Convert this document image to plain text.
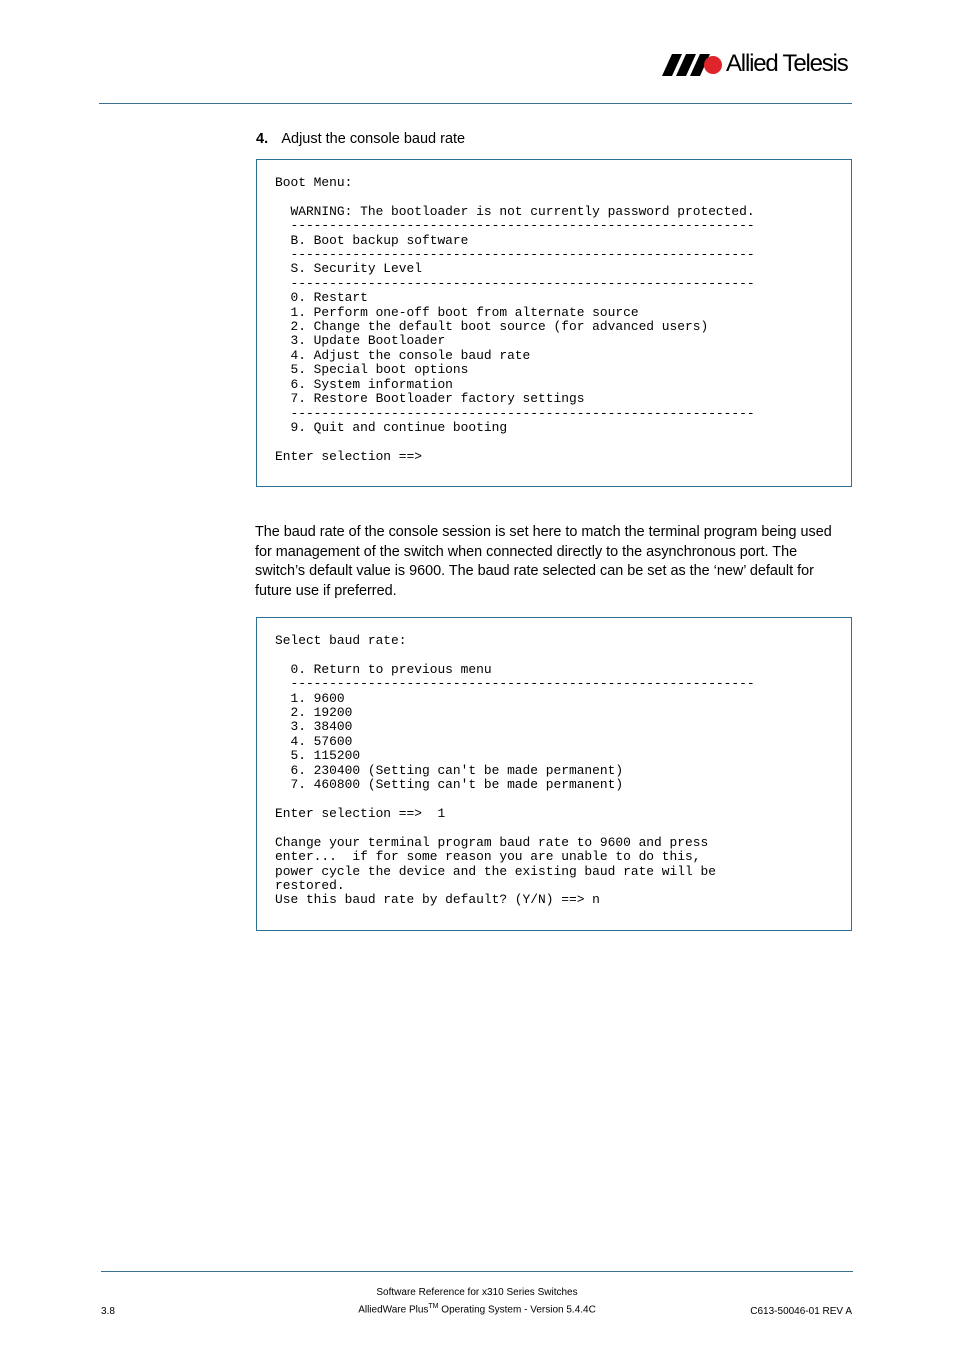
Allied Telesis
4. Adjust the console baud rate
Boot Menu:

WARNING: The bootloader is not currently password protected.
------------------------------------------------------------
B. Boot backup software
------------------------------------------------------------
S. Security Level
------------------------------------------------------------
0. Restart
1. Perform one-off boot from alternate source
2. Change the default boot source (for advanced users)
3. Update Bootloader
4. Adjust the console baud rate
5. Special boot options
6. System information
7. Restore Bootloader factory settings
------------------------------------------------------------
9. Quit and continue booting

Enter selection ==>

The baud rate of the console session is set here to match the terminal program being used

for management of the switch when connected directly to the asynchronous port. The

switch’s default value is 9600. The baud rate selected can be set as the ‘new’ default for

future use if preferred.

Select baud rate:

0. Return to previous menu
------------------------------------------------------------
1. 9600
2. 19200
3. 38400
4. 57600
5. 115200
6. 230400 (Setting can't be made permanent)
7. 460800 (Setting can't be made permanent)

Enter selection ==>  1

Change your terminal program baud rate to 9600 and press
enter...  if for some reason you are unable to do this,
power cycle the device and the existing baud rate will be
restored.
Use this baud rate by default? (Y/N) ==> n
Software Reference for x310 Series Switches
3.8	AlliedWare Plus™ Operating System - Version 5.4.4C	C613-50046-01 REV A
